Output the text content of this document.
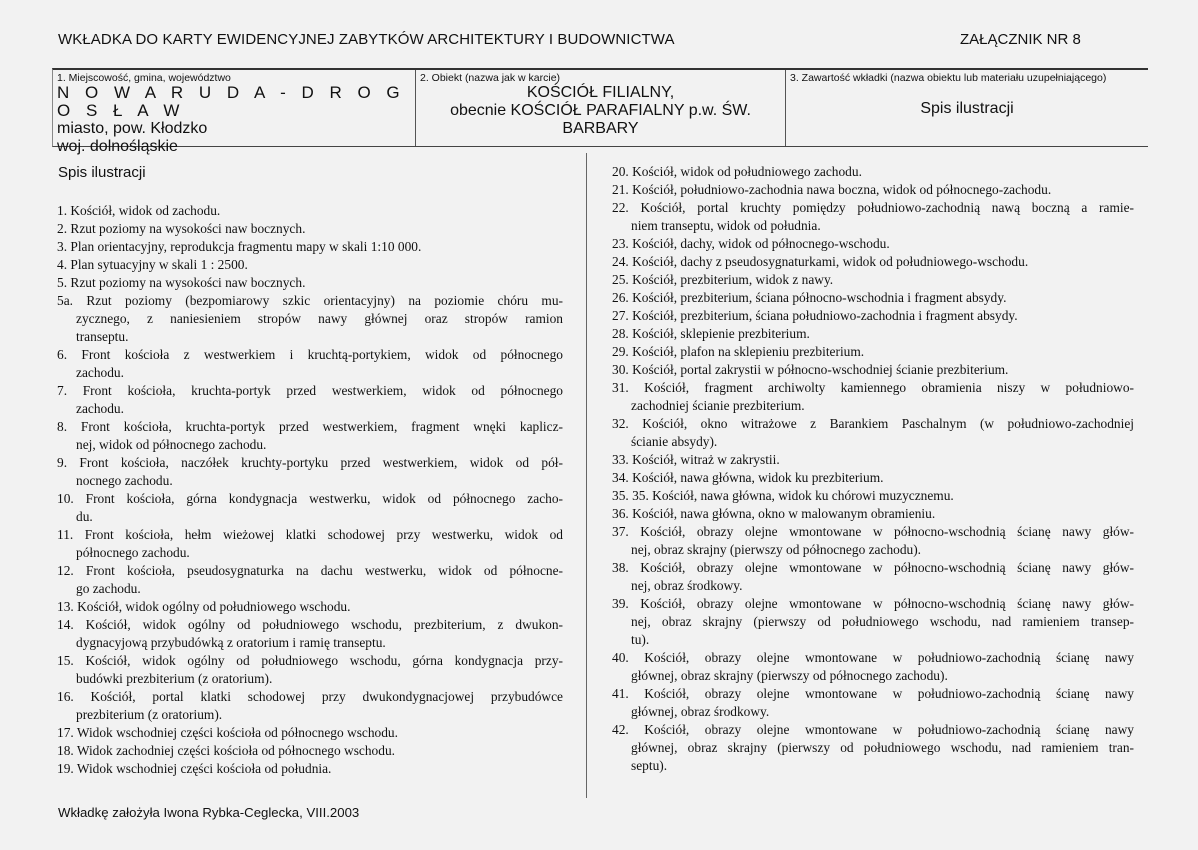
WKŁADKA DO KARTY EWIDENCYJNEJ ZABYTKÓW ARCHITEKTURY I BUDOWNICTWA	ZAŁĄCZNIK NR 8
1. Miejscowość, gmina, województwo
N O W A R U D A - D R O G O S Ł A W
miasto, pow. Kłodzko
woj. dolnośląskie
2. Obiekt (nazwa jak w karcie)
KOŚCIÓŁ FILIALNY,
obecnie KOŚCIÓŁ PARAFIALNY p.w. ŚW.
BARBARY
3. Zawartość wkładki (nazwa obiektu lub materiału uzupełniającego)
Spis ilustracji
Spis ilustracji
1. Kościół, widok od zachodu.
2. Rzut poziomy na wysokości naw bocznych.
3. Plan orientacyjny, reprodukcja fragmentu mapy w skali 1:10 000.
4. Plan sytuacyjny w skali 1 : 2500.
5. Rzut poziomy na wysokości naw bocznych.
5a. Rzut poziomy (bezpomiarowy szkic orientacyjny) na poziomie chóru mu-
zycznego, z naniesieniem stropów nawy głównej oraz stropów ramion
transeptu.
6. Front kościoła z westwerkiem i kruchtą-portykiem, widok od północnego
zachodu.
7. Front kościoła, kruchta-portyk przed westwerkiem, widok od północnego
zachodu.
8. Front kościoła, kruchta-portyk przed westwerkiem, fragment wnęki kaplicz-
nej, widok od północnego zachodu.
9. Front kościoła, naczółek kruchty-portyku przed westwerkiem, widok od pół-
nocnego zachodu.
10. Front kościoła, górna kondygnacja westwerku, widok od północnego zacho-
du.
11. Front kościoła, hełm wieżowej klatki schodowej przy westwerku, widok od
północnego zachodu.
12. Front kościoła, pseudosygnaturka na dachu westwerku, widok od północne-
go zachodu.
13. Kościół, widok ogólny od południowego wschodu.
14. Kościół, widok ogólny od południowego wschodu, prezbiterium, z dwukon-
dygnacyjową przybudówką z oratorium i ramię transeptu.
15. Kościół, widok ogólny od południowego wschodu, górna kondygnacja przy-
budówki prezbiterium (z oratorium).
16. Kościół, portal klatki schodowej przy dwukondygnacjowej przybudówce
prezbiterium (z oratorium).
17. Widok wschodniej części kościoła od północnego wschodu.
18. Widok zachodniej części kościoła od północnego wschodu.
19. Widok wschodniej części kościoła od południa.
20. Kościół, widok od południowego zachodu.
21. Kościół, południowo-zachodnia nawa boczna, widok od północnego-zachodu.
22. Kościół, portal kruchty pomiędzy południowo-zachodnią nawą boczną a ramie-
niem transeptu, widok od południa.
23. Kościół, dachy, widok od północnego-wschodu.
24. Kościół, dachy z pseudosygnaturkami, widok od południowego-wschodu.
25. Kościół, prezbiterium, widok z nawy.
26. Kościół, prezbiterium, ściana północno-wschodnia i fragment absydy.
27. Kościół, prezbiterium, ściana południowo-zachodnia i fragment absydy.
28. Kościół, sklepienie prezbiterium.
29. Kościół, plafon na sklepieniu prezbiterium.
30. Kościół, portal zakrystii w północno-wschodniej ścianie prezbiterium.
31. Kościół, fragment archiwolty kamiennego obramienia niszy w południowo-
zachodniej ścianie prezbiterium.
32. Kościół, okno witrażowe z Barankiem Paschalnym (w południowo-zachodniej
ścianie absydy).
33. Kościół, witraż w zakrystii.
34. Kościół, nawa główna, widok ku prezbiterium.
35. 35. Kościół, nawa główna, widok ku chórowi muzycznemu.
36. Kościół, nawa główna, okno w malowanym obramieniu.
37. Kościół, obrazy olejne wmontowane w północno-wschodnią ścianę nawy głów-
nej, obraz skrajny (pierwszy od północnego zachodu).
38. Kościół, obrazy olejne wmontowane w północno-wschodnią ścianę nawy głów-
nej, obraz środkowy.
39. Kościół, obrazy olejne wmontowane w północno-wschodnią ścianę nawy głów-
nej, obraz skrajny (pierwszy od południowego wschodu, nad ramieniem transep-
tu).
40. Kościół, obrazy olejne wmontowane w południowo-zachodnią ścianę nawy
głównej, obraz skrajny (pierwszy od północnego zachodu).
41. Kościół, obrazy olejne wmontowane w południowo-zachodnią ścianę nawy
głównej, obraz środkowy.
42. Kościół, obrazy olejne wmontowane w południowo-zachodnią ścianę nawy
głównej, obraz skrajny (pierwszy od południowego wschodu, nad ramieniem tran-
septu).
Wkładkę założyła Iwona Rybka-Ceglecka, VIII.2003
